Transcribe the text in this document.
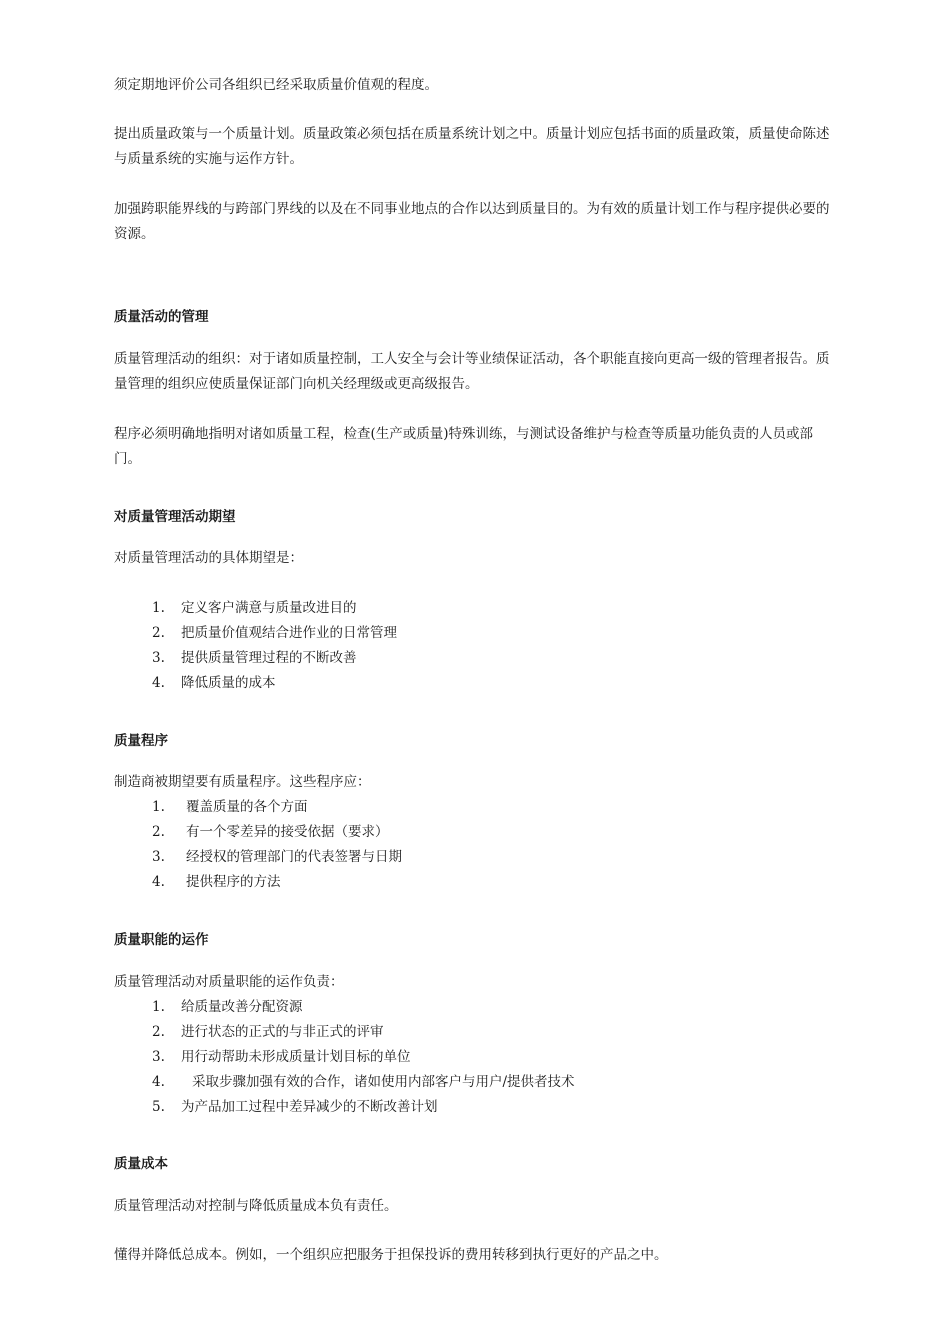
须定期地评价公司各组织已经采取质量价值观的程度。

提出质量政策与一个质量计划。质量政策必须包括在质量系统计划之中。质量计划应包括书面的质量政策，质量使命陈述与质量系统的实施与运作方针。

加强跨职能界线的与跨部门界线的以及在不同事业地点的合作以达到质量目的。为有效的质量计划工作与程序提供必要的资源。

质量活动的管理

质量管理活动的组织：对于诸如质量控制，工人安全与会计等业绩保证活动，各个职能直接向更高一级的管理者报告。质量管理的组织应使质量保证部门向机关经理级或更高级报告。

程序必须明确地指明对诸如质量工程，检查(生产或质量)特殊训练，与测试设备维护与检查等质量功能负责的人员或部门。

对质量管理活动期望

对质量管理活动的具体期望是：

1. 定义客户满意与质量改进目的
2. 把质量价值观结合进作业的日常管理
3. 提供质量管理过程的不断改善
4. 降低质量的成本
质量程序

制造商被期望要有质量程序。这些程序应：

1. 覆盖质量的各个方面
2. 有一个零差异的接受依据（要求）
3. 经授权的管理部门的代表签署与日期
4. 提供程序的方法
质量职能的运作

质量管理活动对质量职能的运作负责：

1. 给质量改善分配资源
2. 进行状态的正式的与非正式的评审
3. 用行动帮助未形成质量计划目标的单位
4. 采取步骤加强有效的合作，诸如使用内部客户与用户/提供者技术
5. 为产品加工过程中差异减少的不断改善计划
质量成本

质量管理活动对控制与降低质量成本负有责任。

懂得并降低总成本。例如，一个组织应把服务于担保投诉的费用转移到执行更好的产品之中。
